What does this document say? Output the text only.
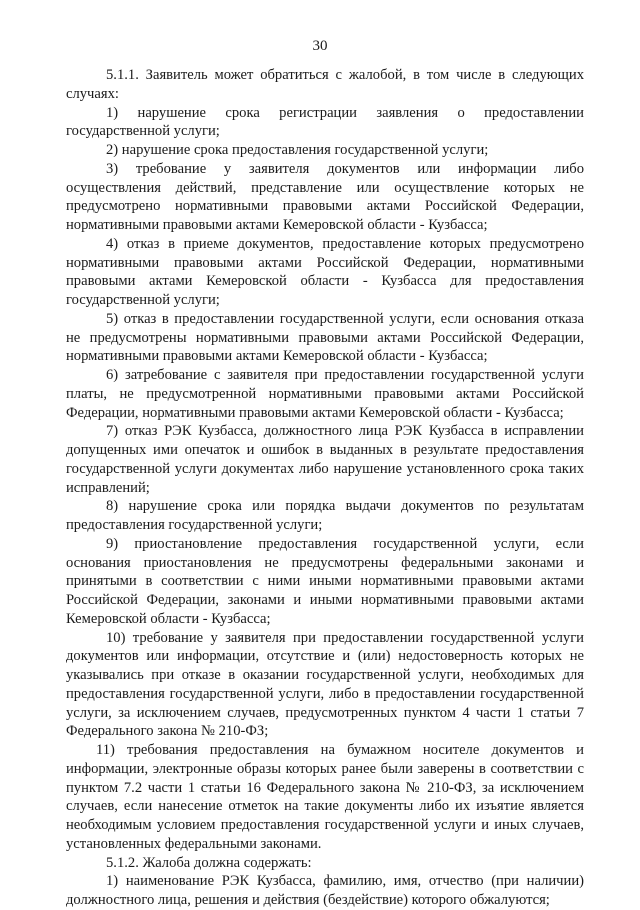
30

5.1.1. Заявитель может обратиться с жалобой, в том числе в следующих случаях:

1) нарушение срока регистрации заявления о предоставлении государственной услуги;

2) нарушение срока предоставления государственной услуги;

3) требование у заявителя документов или информации либо осуществления действий, представление или осуществление которых не предусмотрено нормативными правовыми актами Российской Федерации, нормативными правовыми актами Кемеровской области - Кузбасса;

4) отказ в приеме документов, предоставление которых предусмотрено нормативными правовыми актами Российской Федерации, нормативными правовыми актами Кемеровской области - Кузбасса для предоставления государственной услуги;

5) отказ в предоставлении государственной услуги, если основания отказа не предусмотрены нормативными правовыми актами Российской Федерации, нормативными правовыми актами Кемеровской области - Кузбасса;

6) затребование с заявителя при предоставлении государственной услуги платы, не предусмотренной нормативными правовыми актами Российской Федерации, нормативными правовыми актами Кемеровской области - Кузбасса;

7) отказ РЭК Кузбасса, должностного лица РЭК Кузбасса в исправлении допущенных ими опечаток и ошибок в выданных в результате предоставления государственной услуги документах либо нарушение установленного срока таких исправлений;

8) нарушение срока или порядка выдачи документов по результатам предоставления государственной услуги;

9) приостановление предоставления государственной услуги, если основания приостановления не предусмотрены федеральными законами и принятыми в соответствии с ними иными нормативными правовыми актами Российской Федерации, законами и иными нормативными правовыми актами Кемеровской области - Кузбасса;

10) требование у заявителя при предоставлении государственной услуги документов или информации, отсутствие и (или) недостоверность которых не указывались при отказе в оказании государственной услуги, необходимых для предоставления государственной услуги, либо в предоставлении государственной услуги, за исключением случаев, предусмотренных пунктом 4 части 1 статьи 7 Федерального закона № 210-ФЗ;

11) требования предоставления на бумажном носителе документов и информации, электронные образы которых ранее были заверены в соответствии с пунктом 7.2 части 1 статьи 16 Федерального закона № 210-ФЗ, за исключением случаев, если нанесение отметок на такие документы либо их изъятие является необходимым условием предоставления государственной услуги и иных случаев, установленных федеральными законами.

5.1.2. Жалоба должна содержать:

1) наименование РЭК Кузбасса, фамилию, имя, отчество (при наличии) должностного лица, решения и действия (бездействие) которого обжалуются;
